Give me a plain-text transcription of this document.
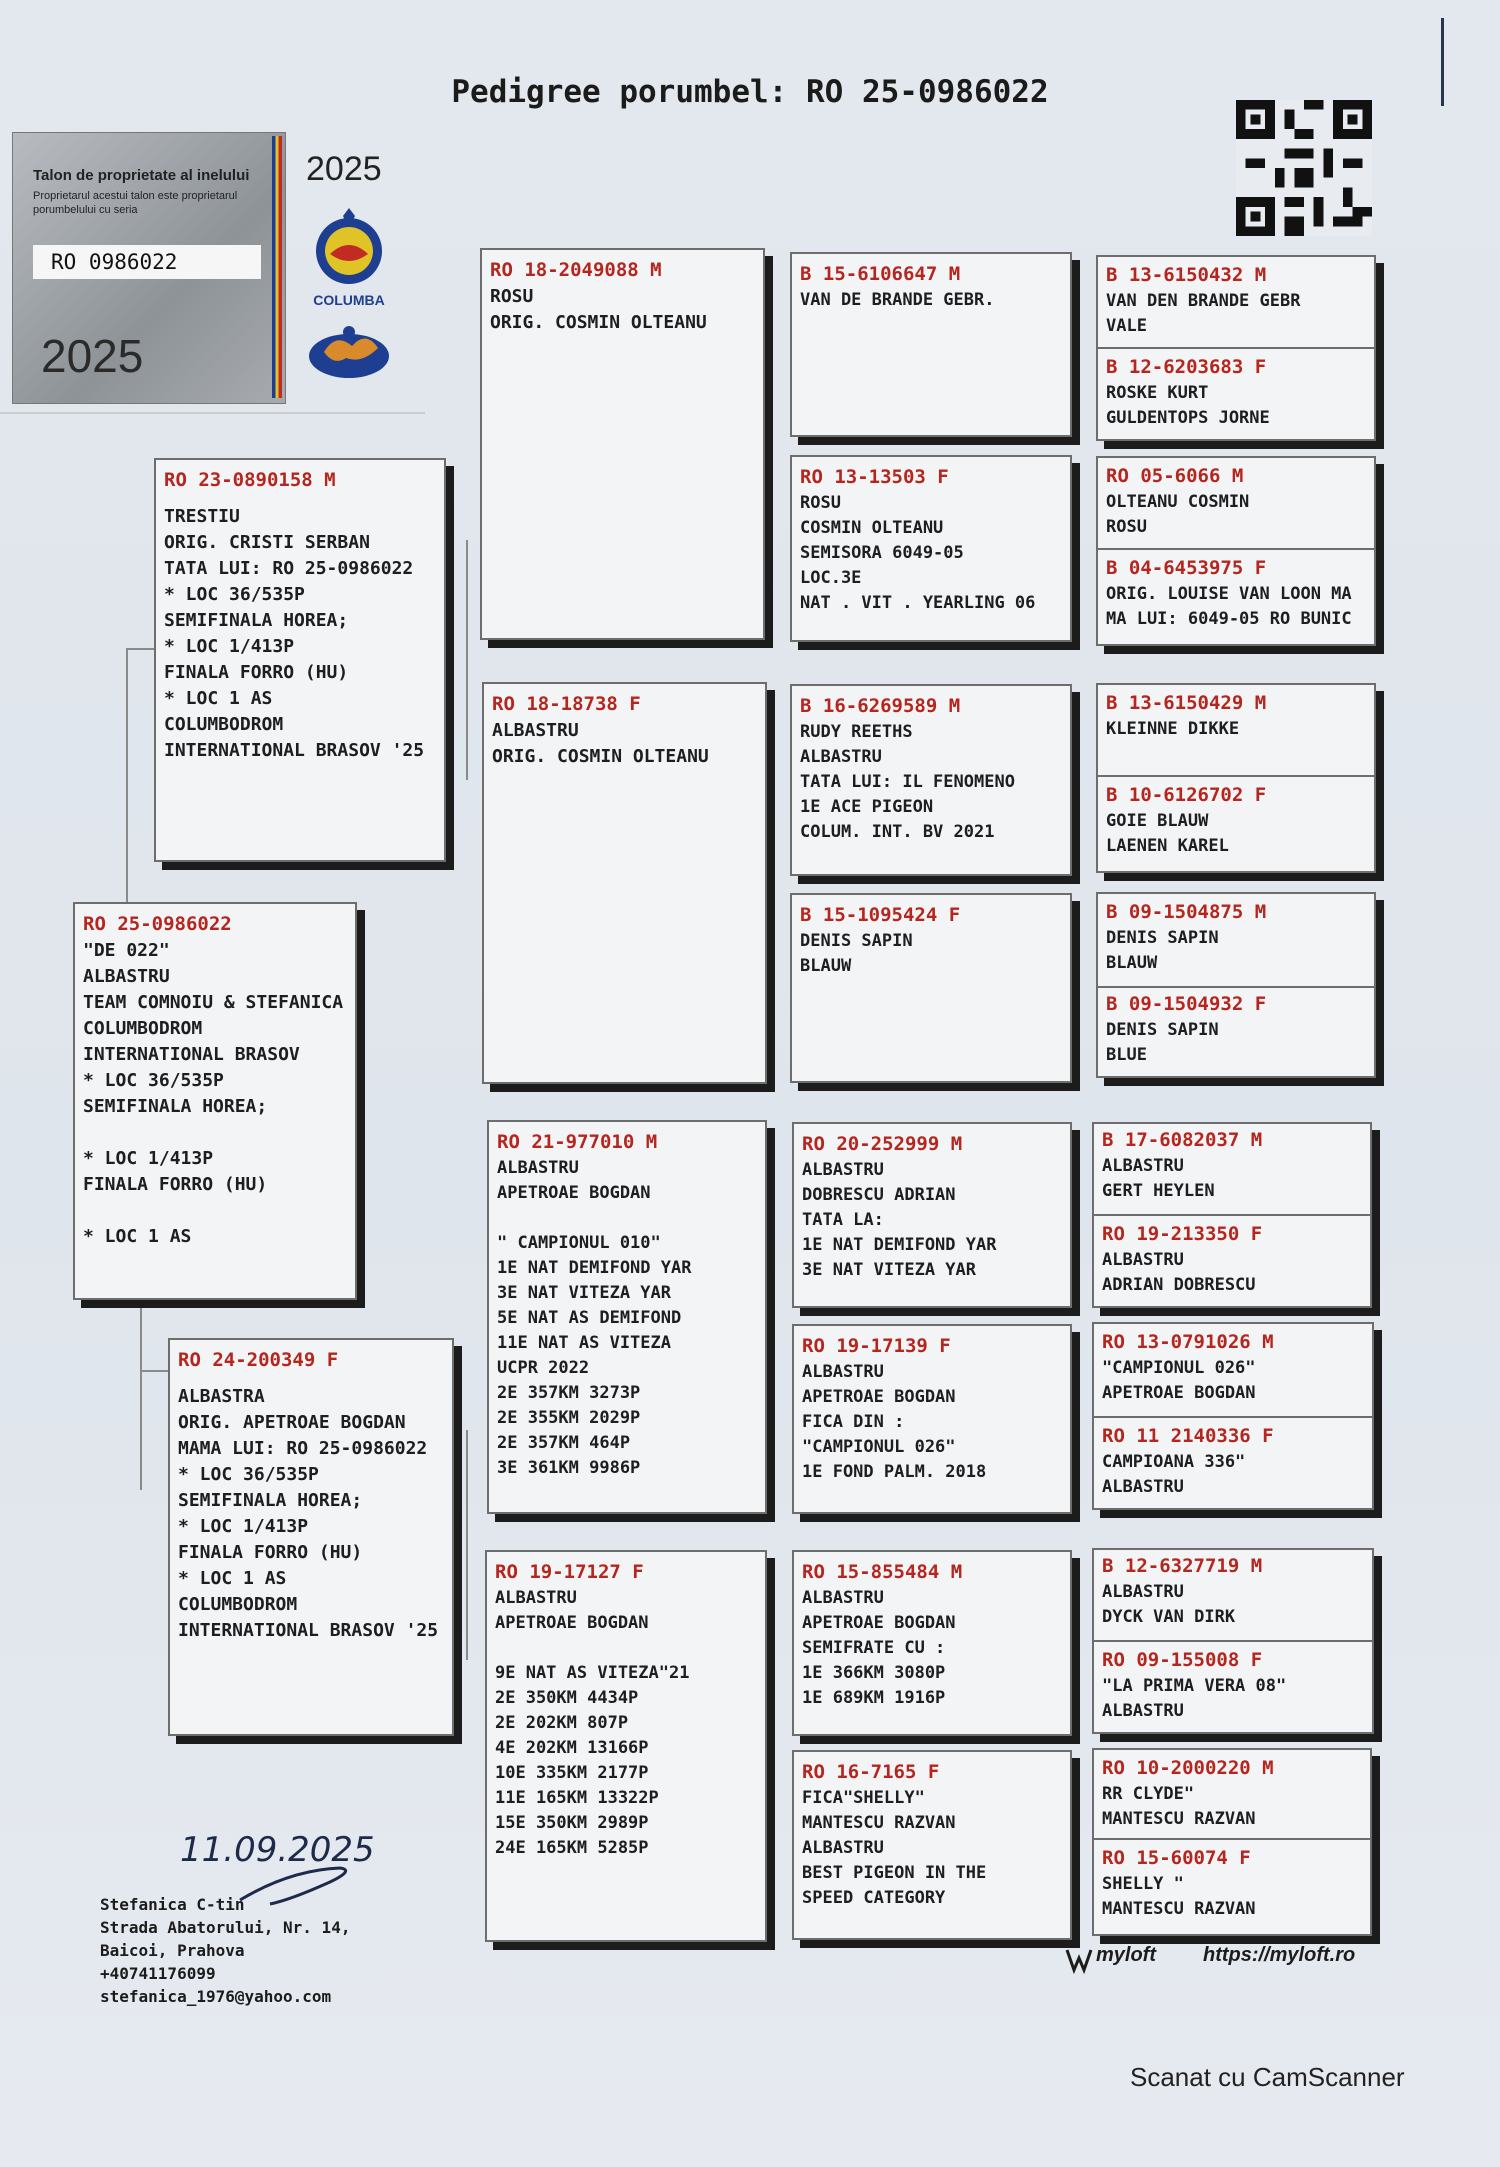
Pedigree porumbel: RO 25-0986022
Talon de proprietate al inelului
Proprietarul acestui talon este proprietarul porumbelului cu seria
RO 0986022
2025
2025
COLUMBA
RO 25-0986022
"DE 022"
ALBASTRU
TEAM COMNOIU & STEFANICA
COLUMBODROM
INTERNATIONAL BRASOV
* LOC 36/535P
SEMIFINALA HOREA;
* LOC 1/413P
FINALA FORRO (HU)
* LOC 1 AS
RO 23-0890158 M
TRESTIU
ORIG. CRISTI SERBAN
TATA LUI: RO 25-0986022
* LOC 36/535P
SEMIFINALA HOREA;
* LOC 1/413P
FINALA FORRO (HU)
* LOC 1 AS
COLUMBODROM
INTERNATIONAL BRASOV '25
RO 24-200349 F
ALBASTRA
ORIG. APETROAE BOGDAN
MAMA LUI: RO 25-0986022
* LOC 36/535P
SEMIFINALA HOREA;
* LOC 1/413P
FINALA FORRO (HU)
* LOC 1 AS
COLUMBODROM
INTERNATIONAL BRASOV '25
RO 18-2049088 M
ROSU
ORIG. COSMIN OLTEANU
RO 18-18738 F
ALBASTRU
ORIG. COSMIN OLTEANU
RO 21-977010 M
ALBASTRU
APETROAE BOGDAN
" CAMPIONUL 010"
1E NAT DEMIFOND YAR
3E NAT VITEZA YAR
5E NAT AS DEMIFOND
11E NAT AS VITEZA
UCPR 2022
2E 357KM 3273P
2E 355KM 2029P
2E 357KM 464P
3E 361KM 9986P
RO 19-17127 F
ALBASTRU
APETROAE BOGDAN
9E NAT AS VITEZA"21
2E 350KM 4434P
2E 202KM 807P
4E 202KM 13166P
10E 335KM 2177P
11E 165KM 13322P
15E 350KM 2989P
24E 165KM 5285P
B 15-6106647 M
VAN DE BRANDE GEBR.
RO 13-13503 F
ROSU
COSMIN OLTEANU
SEMISORA 6049-05
LOC.3E
NAT . VIT . YEARLING 06
B 16-6269589 M
RUDY REETHS
ALBASTRU
TATA LUI: IL FENOMENO
1E ACE PIGEON
COLUM. INT. BV 2021
B 15-1095424 F
DENIS SAPIN
BLAUW
RO 20-252999 M
ALBASTRU
DOBRESCU ADRIAN
TATA LA:
1E NAT DEMIFOND YAR
3E NAT VITEZA YAR
RO 19-17139 F
ALBASTRU
APETROAE BOGDAN
FICA DIN :
"CAMPIONUL 026"
1E FOND PALM. 2018
RO 15-855484 M
ALBASTRU
APETROAE BOGDAN
SEMIFRATE CU :
1E 366KM 3080P
1E 689KM 1916P
RO 16-7165 F
FICA"SHELLY"
MANTESCU RAZVAN
ALBASTRU
BEST PIGEON IN THE
SPEED CATEGORY
B 13-6150432 M
VAN DEN BRANDE GEBR
VALE
B 12-6203683 F
ROSKE KURT
GULDENTOPS JORNE
RO 05-6066 M
OLTEANU COSMIN
ROSU
B 04-6453975 F
ORIG. LOUISE VAN LOON MA
MA LUI: 6049-05 RO BUNIC
B 13-6150429 M
KLEINNE DIKKE
B 10-6126702 F
GOIE BLAUW
LAENEN KAREL
B 09-1504875 M
DENIS SAPIN
BLAUW
B 09-1504932 F
DENIS SAPIN
BLUE
B 17-6082037 M
ALBASTRU
GERT HEYLEN
RO 19-213350 F
ALBASTRU
ADRIAN DOBRESCU
RO 13-0791026 M
"CAMPIONUL 026"
APETROAE BOGDAN
RO 11 2140336 F
CAMPIOANA 336"
ALBASTRU
B 12-6327719 M
ALBASTRU
DYCK VAN DIRK
RO 09-155008 F
"LA PRIMA VERA 08"
ALBASTRU
RO 10-2000220 M
RR CLYDE"
MANTESCU RAZVAN
RO 15-60074 F
SHELLY "
MANTESCU RAZVAN
11.09.2025
Stefanica C-tin
Strada Abatorului, Nr. 14,
Baicoi, Prahova
+40741176099
stefanica_1976@yahoo.com
myloft https://myloft.ro
Scanat cu CamScanner
